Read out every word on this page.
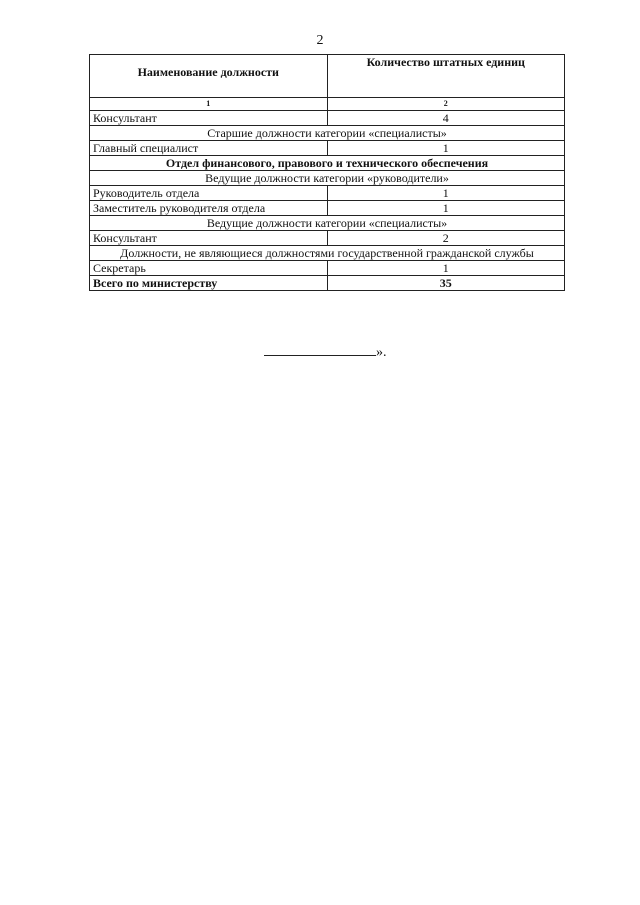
2
Наименование должности	Количество штатных единиц
1	2
Консультант	4
Старшие должности категории «специалисты»	
Главный специалист	1
Отдел финансового, правового и технического обеспечения	
Ведущие должности категории «руководители»	
Руководитель отдела	1
Заместитель руководителя отдела	1
Ведущие должности категории «специалисты»	
Консультант	2
Должности, не являющиеся должностями государственной гражданской службы	
Секретарь	1
Всего по министерству	35
».
